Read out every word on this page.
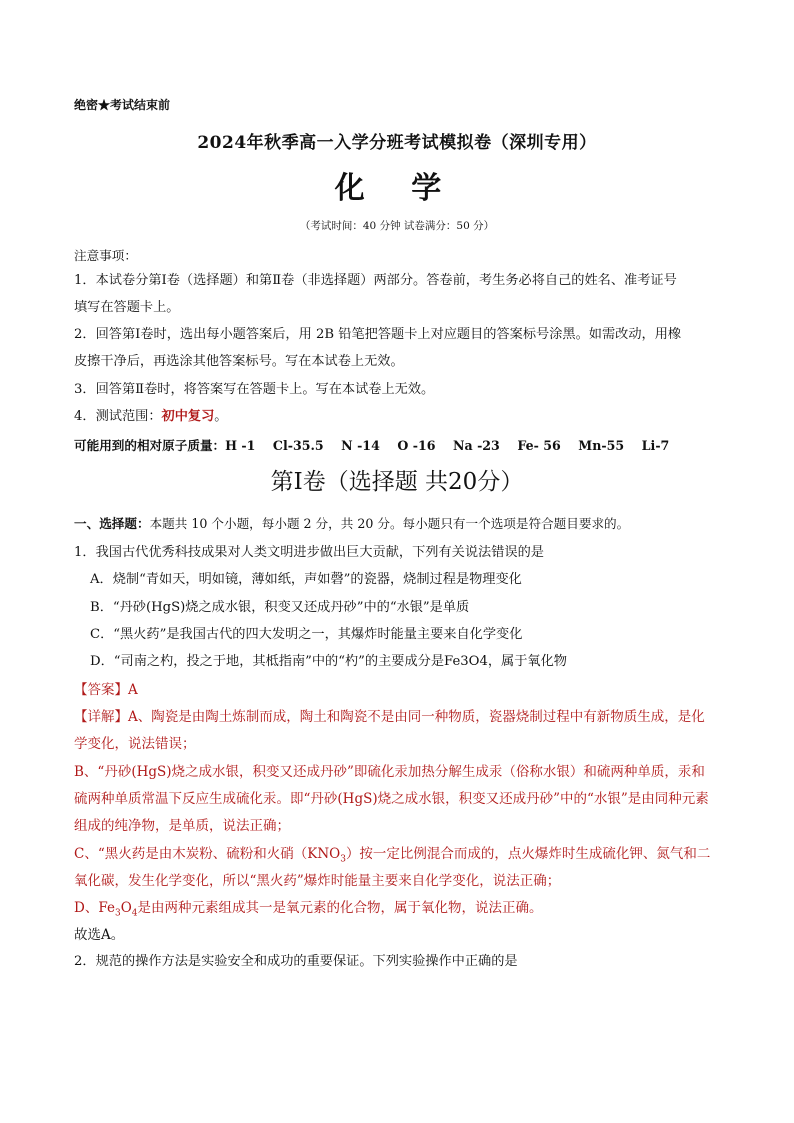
绝密★考试结束前
2024年秋季高一入学分班考试模拟卷（深圳专用）
化 学
（考试时间：40 分钟 试卷满分：50 分）
注意事项：
1．本试卷分第Ⅰ卷（选择题）和第Ⅱ卷（非选择题）两部分。答卷前，考生务必将自己的姓名、准考证号
填写在答题卡上。
2．回答第Ⅰ卷时，选出每小题答案后，用 2B 铅笔把答题卡上对应题目的答案标号涂黑。如需改动，用橡
皮擦干净后，再选涂其他答案标号。写在本试卷上无效。
3．回答第Ⅱ卷时，将答案写在答题卡上。写在本试卷上无效。
4．测试范围：初中复习。
可能用到的相对原子质量：H -1    Cl-35.5    N -14    O -16    Na -23    Fe- 56    Mn-55    Li-7
第Ⅰ卷（选择题 共20分）
一、选择题：本题共 10 个小题，每小题 2 分，共 20 分。每小题只有一个选项是符合题目要求的。
1．我国古代优秀科技成果对人类文明进步做出巨大贡献，下列有关说法错误的是
A．烧制“青如天，明如镜，薄如纸，声如磬”的瓷器，烧制过程是物理变化
B．“丹砂(HgS)烧之成水银，积变又还成丹砂”中的“水银”是单质
C．“黑火药”是我国古代的四大发明之一，其爆炸时能量主要来自化学变化
D．“司南之杓，投之于地，其柢指南”中的“杓”的主要成分是Fe3O4，属于氧化物
【答案】A
【详解】A、陶瓷是由陶土炼制而成，陶土和陶瓷不是由同一种物质，瓷器烧制过程中有新物质生成，是化
学变化，说法错误；
B、“丹砂(HgS)烧之成水银，积变又还成丹砂”即硫化汞加热分解生成汞（俗称水银）和硫两种单质，汞和
硫两种单质常温下反应生成硫化汞。即“丹砂(HgS)烧之成水银，积变又还成丹砂”中的“水银”是由同种元素
组成的纯净物，是单质，说法正确；
C、“黑火药是由木炭粉、硫粉和火硝$(KNO_3)$按一定比例混合而成的，点火爆炸时生成硫化钾、氮气和二
氧化碳，发生化学变化，所以“黑火药”爆炸时能量主要来自化学变化，说法正确；
D、$Fe_3O_4$是由两种元素组成其一是氧元素的化合物，属于氧化物，说法正确。
故选A。
2．规范的操作方法是实验安全和成功的重要保证。下列实验操作中正确的是
